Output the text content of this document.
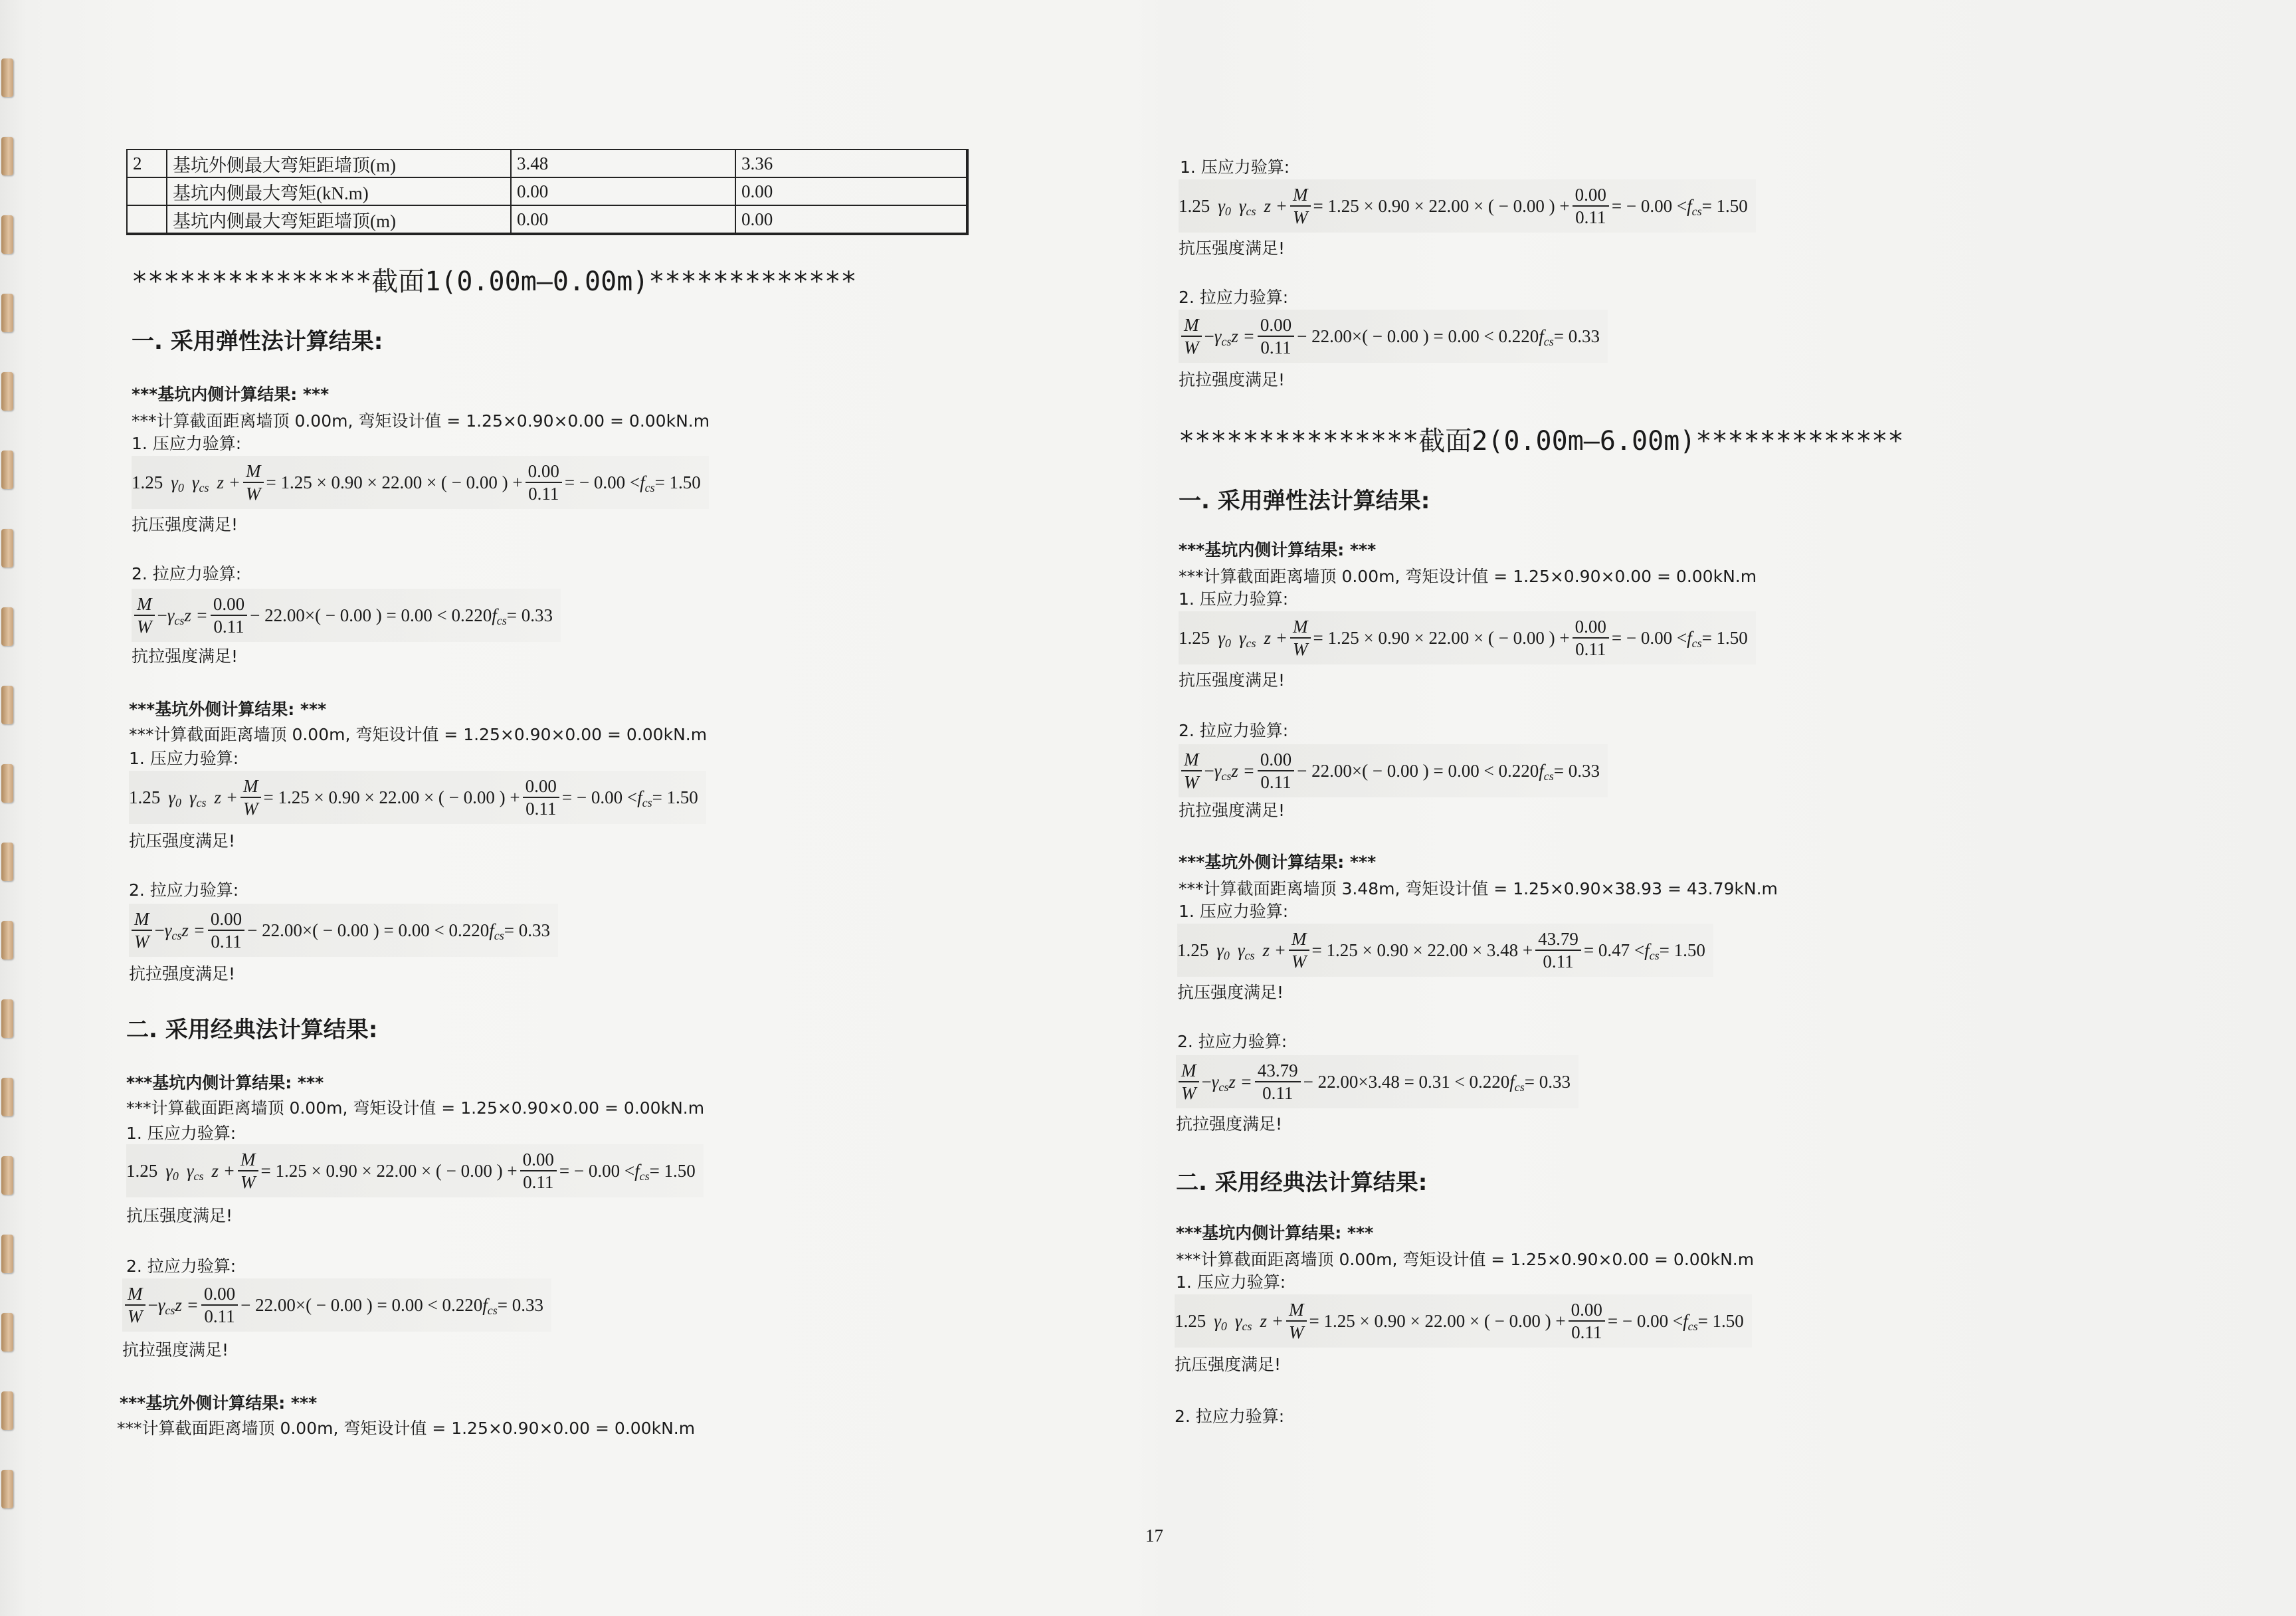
2	基坑外侧最大弯矩距墙顶(m)	3.48	3.36
	基坑内侧最大弯矩(kN.m)	0.00	0.00
	基坑内侧最大弯矩距墙顶(m)	0.00	0.00
***************截面1(0.00m—0.00m)*************
一. 采用弹性法计算结果:
***基坑内侧计算结果: ***
***计算截面距离墙顶 0.00m, 弯矩设计值 = 1.25×0.90×0.00 = 0.00kN.m
1. 压应力验算:
1.25 γ 0 γ cs $z + \frac{M}{W} = 1.25 \times 0.90 \times 22.00$ × ( − 0.00 ) + $\frac{0.00}{0.11}$ = − 0.00 < f cs = 1.50
抗压强度满足!
2. 拉应力验算:
$\frac{M}{W} - \gamma$ cs $z = \frac{0.00}{0.11} - 22.00\times( - 0.00$ ) = 0.00 < 0.220 f cs = 0.33
抗拉强度满足!
***基坑外侧计算结果: ***
***计算截面距离墙顶 0.00m, 弯矩设计值 = 1.25×0.90×0.00 = 0.00kN.m
1. 压应力验算:
1.25 γ 0 γ cs $z + \frac{M}{W} = 1.25 \times 0.90 \times 22.00$ × ( − 0.00 ) + $\frac{0.00}{0.11}$ = − 0.00 < f cs = 1.50
抗压强度满足!
2. 拉应力验算:
$\frac{M}{W} - \gamma$ cs $z = \frac{0.00}{0.11} - 22.00\times( - 0.00$ ) = 0.00 < 0.220 f cs = 0.33
抗拉强度满足!
二. 采用经典法计算结果:
***基坑内侧计算结果: ***
***计算截面距离墙顶 0.00m, 弯矩设计值 = 1.25×0.90×0.00 = 0.00kN.m
1. 压应力验算:
1.25 γ 0 γ cs $z + \frac{M}{W} = 1.25 \times 0.90 \times 22.00$ × ( − 0.00 ) + $\frac{0.00}{0.11}$ = − 0.00 < f cs = 1.50
抗压强度满足!
2. 拉应力验算:
$\frac{M}{W} - \gamma$ cs $z = \frac{0.00}{0.11} - 22.00\times( - 0.00$ ) = 0.00 < 0.220 f cs = 0.33
抗拉强度满足!
***基坑外侧计算结果: ***
***计算截面距离墙顶 0.00m, 弯矩设计值 = 1.25×0.90×0.00 = 0.00kN.m
1. 压应力验算:
1.25 γ 0 γ cs $z + \frac{M}{W} = 1.25 \times 0.90 \times 22.00$ × ( − 0.00 ) + $\frac{0.00}{0.11}$ = − 0.00 < f cs = 1.50
抗压强度满足!
2. 拉应力验算:
$\frac{M}{W} - \gamma$ cs $z = \frac{0.00}{0.11} - 22.00\times( - 0.00$ ) = 0.00 < 0.220 f cs = 0.33
抗拉强度满足!
***************截面2(0.00m—6.00m)*************
一. 采用弹性法计算结果:
***基坑内侧计算结果: ***
***计算截面距离墙顶 0.00m, 弯矩设计值 = 1.25×0.90×0.00 = 0.00kN.m
1. 压应力验算:
1.25 γ 0 γ cs $z + \frac{M}{W} = 1.25 \times 0.90 \times 22.00$ × ( − 0.00 ) + $\frac{0.00}{0.11}$ = − 0.00 < f cs = 1.50
抗压强度满足!
2. 拉应力验算:
$\frac{M}{W} - \gamma$ cs $z = \frac{0.00}{0.11} - 22.00\times( - 0.00$ ) = 0.00 < 0.220 f cs = 0.33
抗拉强度满足!
***基坑外侧计算结果: ***
***计算截面距离墙顶 3.48m, 弯矩设计值 = 1.25×0.90×38.93 = 43.79kN.m
1. 压应力验算:
1.25 γ 0 γ cs $z + \frac{M}{W} = 1.25 \times 0.90 \times 22.00 \times 3.48 + \frac{43.79}{0.11} = 0.47 < f$ cs = 1.50
抗压强度满足!
2. 拉应力验算:
$\frac{M}{W} - \gamma$ cs $z = \frac{43.79}{0.11} - 22.00\times 3.48 = 0.31 < 0.220$ f cs = 0.33
抗拉强度满足!
二. 采用经典法计算结果:
***基坑内侧计算结果: ***
***计算截面距离墙顶 0.00m, 弯矩设计值 = 1.25×0.90×0.00 = 0.00kN.m
1. 压应力验算:
1.25 γ 0 γ cs $z + \frac{M}{W} = 1.25 \times 0.90 \times 22.00$ × ( − 0.00 ) + $\frac{0.00}{0.11}$ = − 0.00 < f cs = 1.50
抗压强度满足!
2. 拉应力验算:
17
